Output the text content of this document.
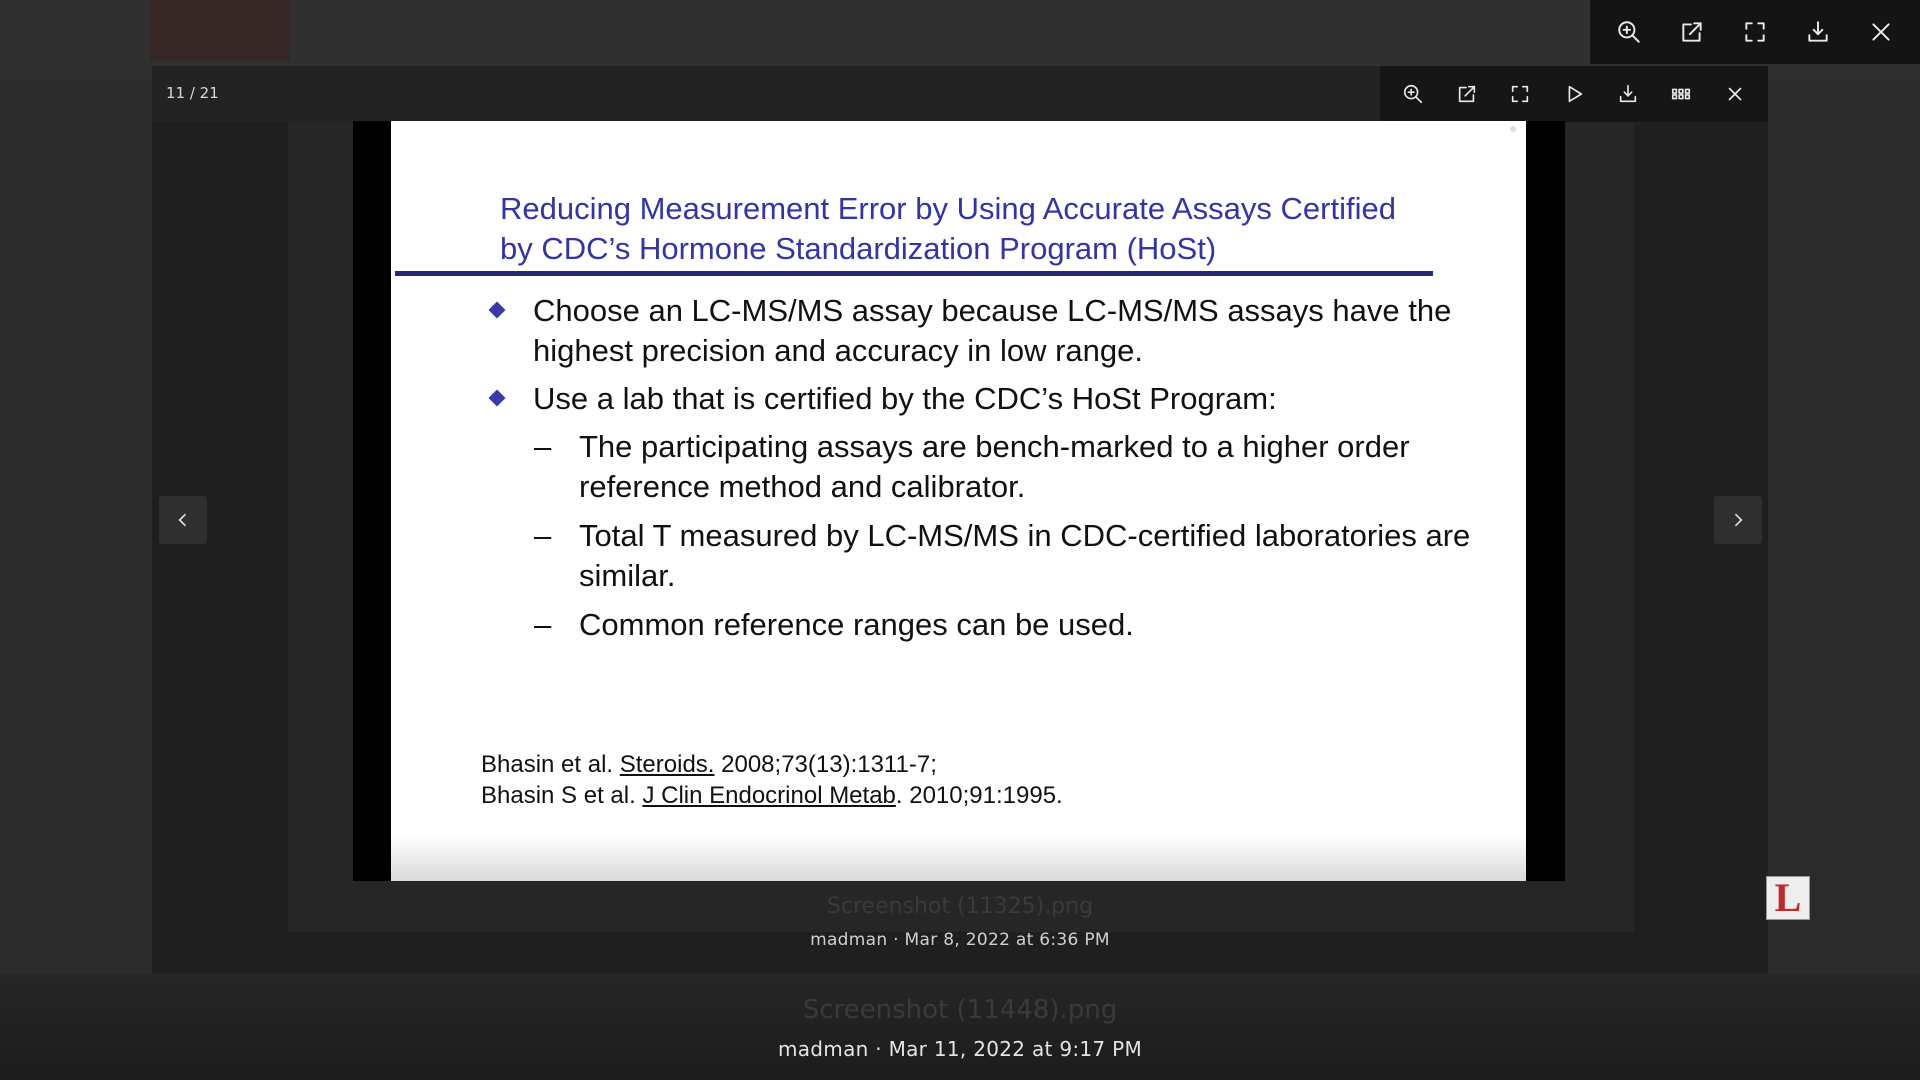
11 / 21
Reducing Measurement Error by Using Accurate Assays Certified
by CDC’s Hormone Standardization Program (HoSt)
Choose an LC-MS/MS assay because LC-MS/MS assays have the highest precision and accuracy in low range.
Use a lab that is certified by the CDC’s HoSt Program:
– The participating assays are bench-marked to a higher order reference method and calibrator.
– Total T measured by LC-MS/MS in CDC-certified laboratories are similar.
– Common reference ranges can be used.
Bhasin et al. Steroids. 2008;73(13):1311-7;
Bhasin S et al. J Clin Endocrinol Metab. 2010;91:1995.
L
Screenshot (11325).png
madman · Mar 8, 2022 at 6:36 PM
Screenshot (11448).png
madman · Mar 11, 2022 at 9:17 PM
